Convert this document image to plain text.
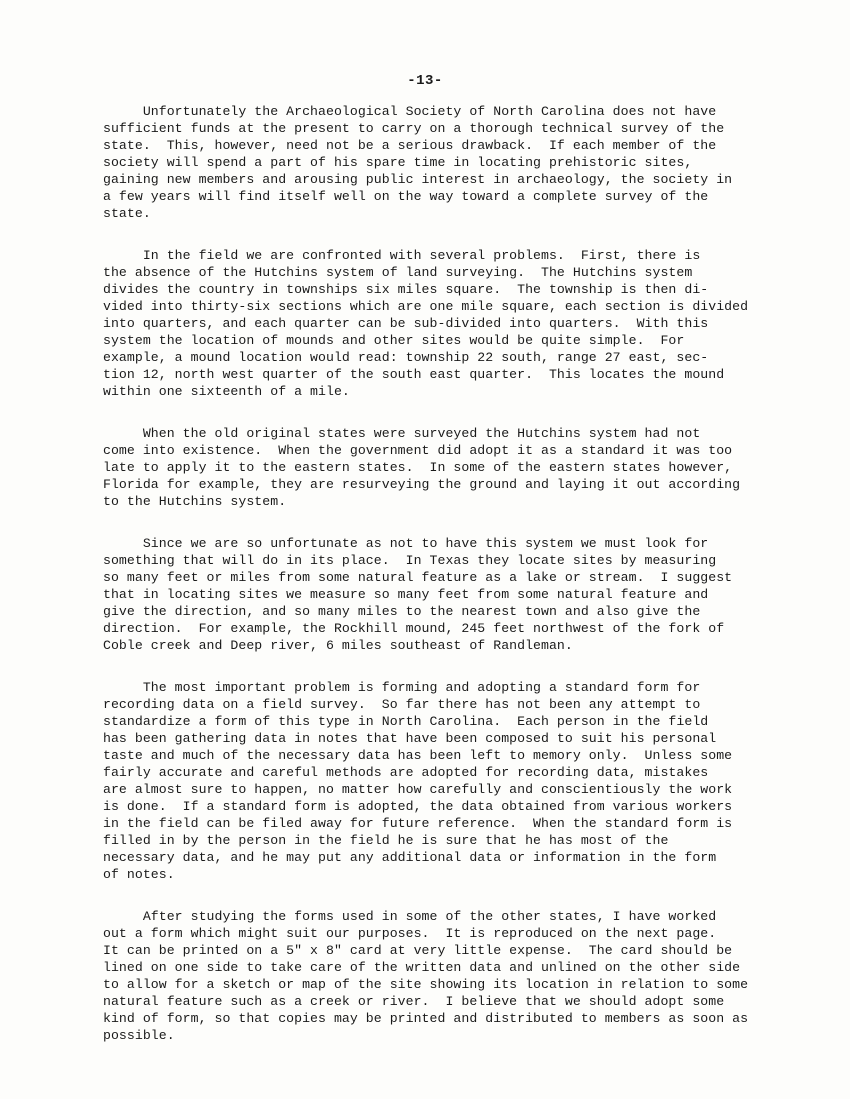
-13-
Unfortunately the Archaeological Society of North Carolina does not have
sufficient funds at the present to carry on a thorough technical survey of the
state.  This, however, need not be a serious drawback.  If each member of the
society will spend a part of his spare time in locating prehistoric sites,
gaining new members and arousing public interest in archaeology, the society in
a few years will find itself well on the way toward a complete survey of the
state.
In the field we are confronted with several problems.  First, there is
the absence of the Hutchins system of land surveying.  The Hutchins system
divides the country in townships six miles square.  The township is then di-
vided into thirty-six sections which are one mile square, each section is divided
into quarters, and each quarter can be sub-divided into quarters.  With this
system the location of mounds and other sites would be quite simple.  For
example, a mound location would read: township 22 south, range 27 east, sec-
tion 12, north west quarter of the south east quarter.  This locates the mound
within one sixteenth of a mile.
When the old original states were surveyed the Hutchins system had not
come into existence.  When the government did adopt it as a standard it was too
late to apply it to the eastern states.  In some of the eastern states however,
Florida for example, they are resurveying the ground and laying it out according
to the Hutchins system.
Since we are so unfortunate as not to have this system we must look for
something that will do in its place.  In Texas they locate sites by measuring
so many feet or miles from some natural feature as a lake or stream.  I suggest
that in locating sites we measure so many feet from some natural feature and
give the direction, and so many miles to the nearest town and also give the
direction.  For example, the Rockhill mound, 245 feet northwest of the fork of
Coble creek and Deep river, 6 miles southeast of Randleman.
The most important problem is forming and adopting a standard form for
recording data on a field survey.  So far there has not been any attempt to
standardize a form of this type in North Carolina.  Each person in the field
has been gathering data in notes that have been composed to suit his personal
taste and much of the necessary data has been left to memory only.  Unless some
fairly accurate and careful methods are adopted for recording data, mistakes
are almost sure to happen, no matter how carefully and conscientiously the work
is done.  If a standard form is adopted, the data obtained from various workers
in the field can be filed away for future reference.  When the standard form is
filled in by the person in the field he is sure that he has most of the
necessary data, and he may put any additional data or information in the form
of notes.
After studying the forms used in some of the other states, I have worked
out a form which might suit our purposes.  It is reproduced on the next page.
It can be printed on a 5" x 8" card at very little expense.  The card should be
lined on one side to take care of the written data and unlined on the other side
to allow for a sketch or map of the site showing its location in relation to some
natural feature such as a creek or river.  I believe that we should adopt some
kind of form, so that copies may be printed and distributed to members as soon as
possible.
